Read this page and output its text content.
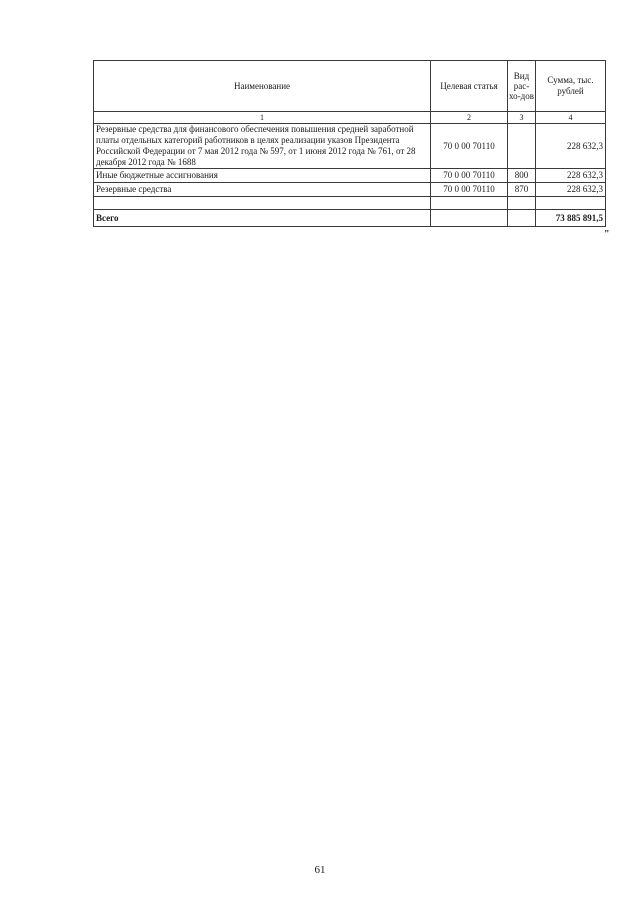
Наименование	Целевая статья	Вид рас-хо-дов	Сумма, тыс. рублей
1	2	3	4
Резервные средства для финансового обеспечения повышения средней заработной платы отдельных категорий работников в целях реализации указов Президента Российской Федерации от 7 мая 2012 года № 597, от 1 июня 2012 года № 761, от 28 декабря 2012 года № 1688	70 0 00 70110		228 632,3
Иные бюджетные ассигнования	70 0 00 70110	800	228 632,3
Резервные средства	70 0 00 70110	870	228 632,3

Всего			73 885 891,5
"
61
